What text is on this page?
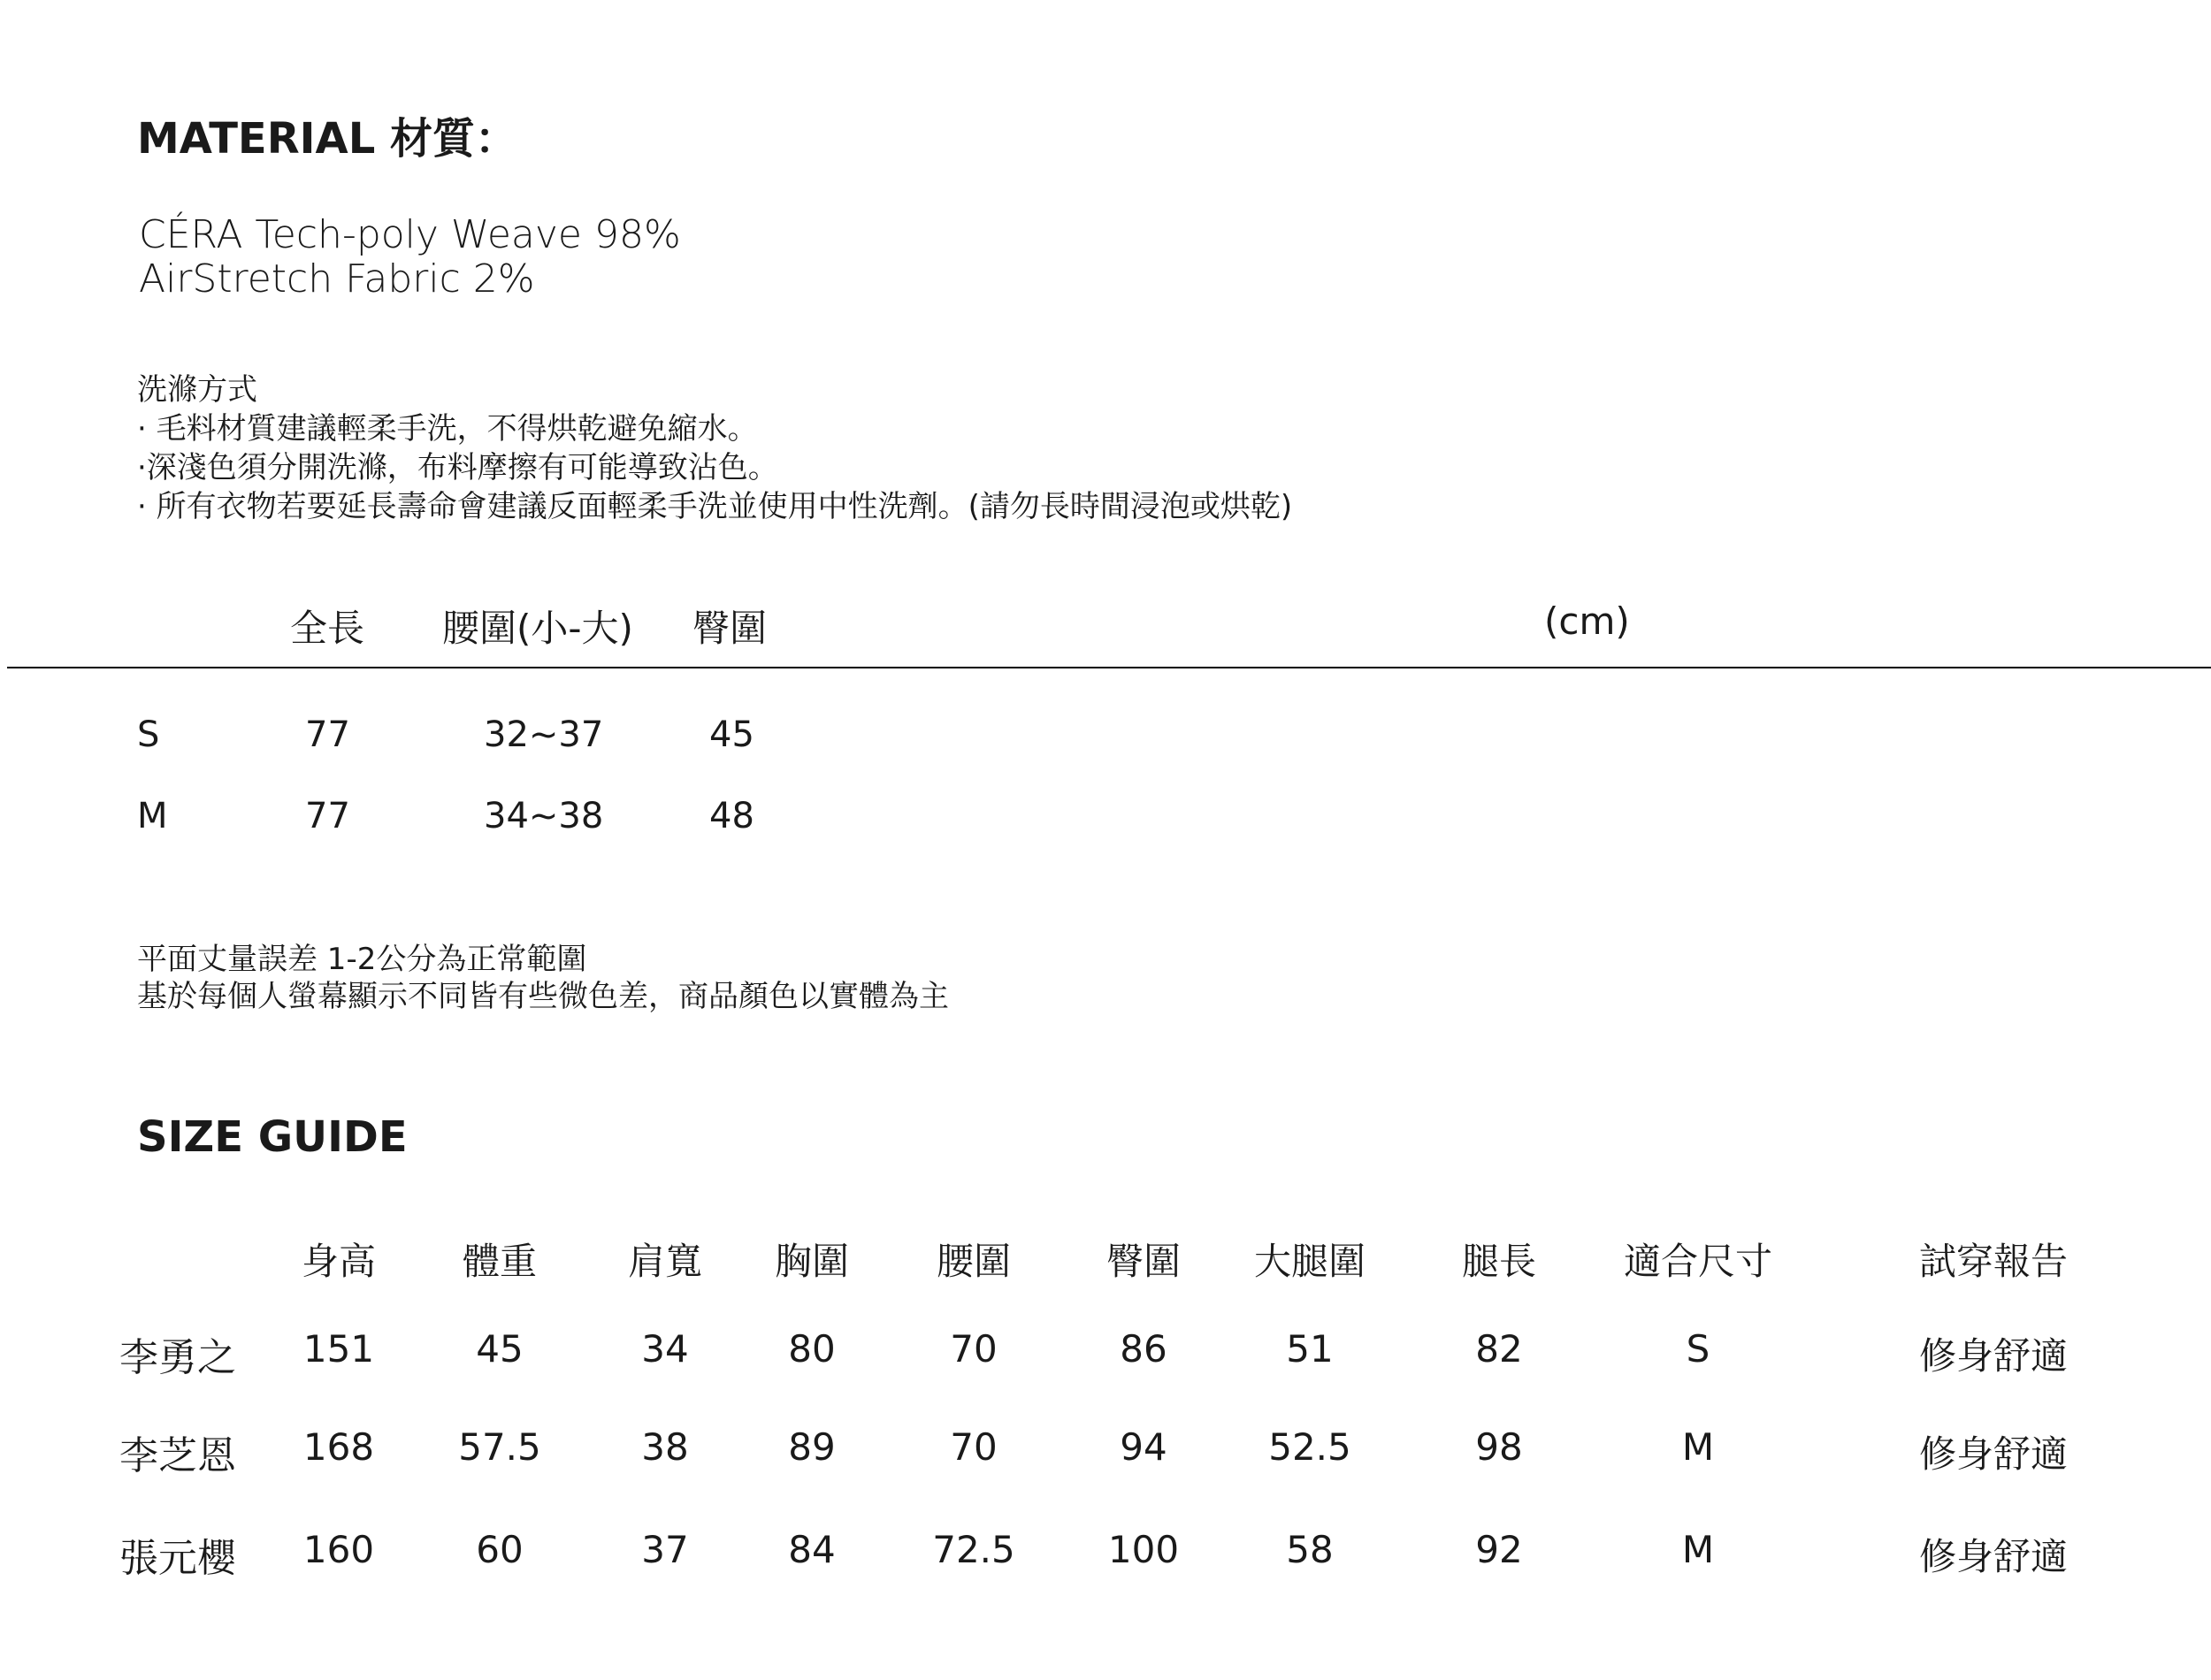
MATERIAL 材質：
CÉRA Tech-poly Weave 98%
AirStretch Fabric 2%
洗滌方式
· 毛料材質建議輕柔手洗，不得烘乾避免縮水。
·深淺色須分開洗滌，布料摩擦有可能導致沾色。
· 所有衣物若要延長壽命會建議反面輕柔手洗並使用中性洗劑。(請勿長時間浸泡或烘乾)
全長 腰圍(小-大) 臀圍	(cm)
S	77	32~37	45
M	77	34~38	48
平面丈量誤差 1-2公分為正常範圍
基於每個人螢幕顯示不同皆有些微色差，商品顏色以實體為主
SIZE GUIDE
身高 體重 肩寬 胸圍 腰圍	臀圍 大腿圍	腿長 適合尺寸	試穿報告
李勇之 151	45	34	80	70	86	51	82	S	修身舒適
李芝恩 168 57.5	38	89	70	94	52.5	98	M	修身舒適
張元櫻 160	60	37	84	72.5	100	58	92	M	修身舒適
